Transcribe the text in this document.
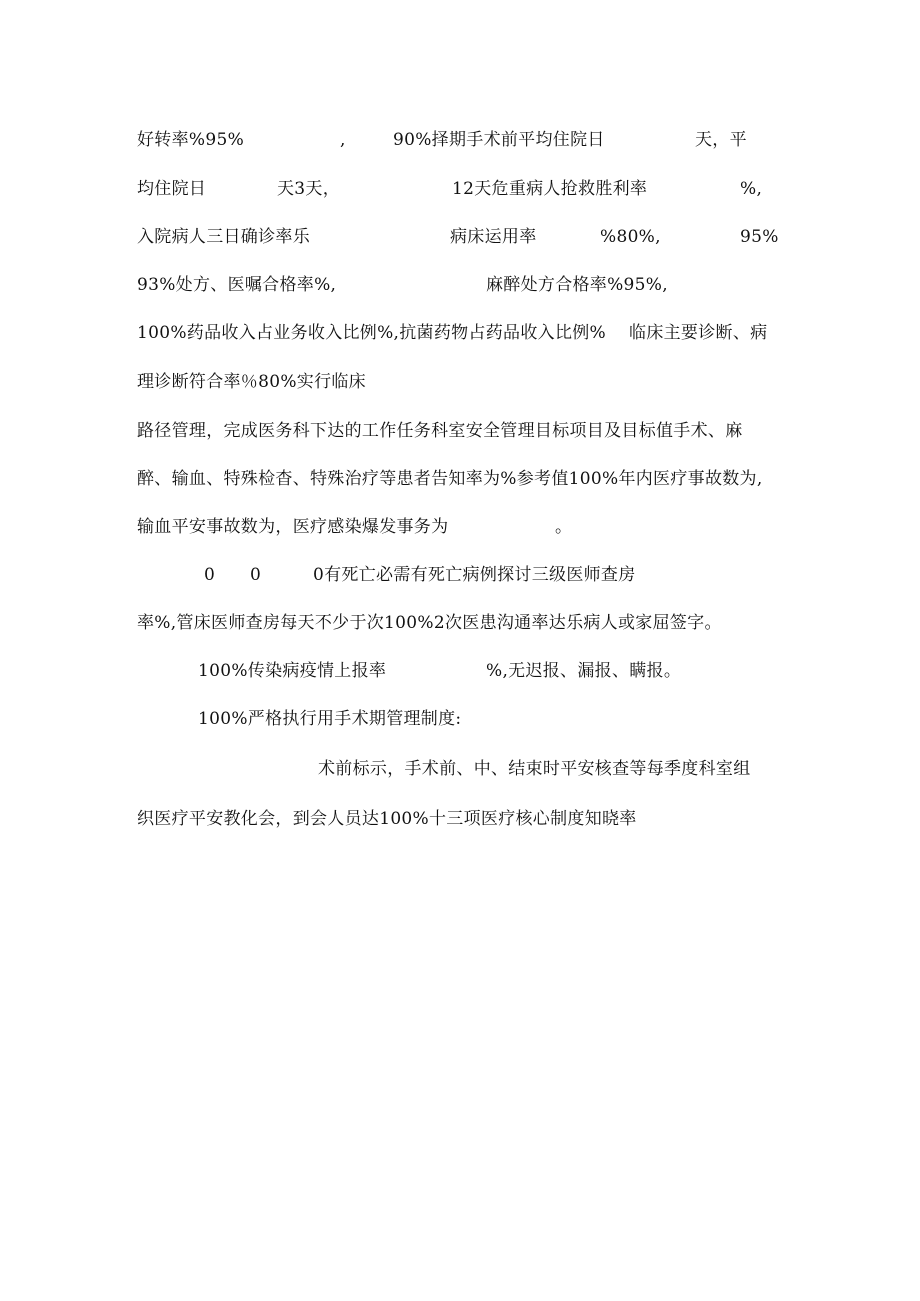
好转率%95%	,	90%择期手术前平均住院日	天，平
均住院日	天3天，	12天危重病人抢救胜利率	%,
入院病人三日确诊率乐	病床运用率	%80%,	95%
93%处方、医嘱合格率%,	麻醉处方合格率%95%,
100%药品收入占业务收入比例%,抗菌药物占药品收入比例%　 临床主要诊断、病
理诊断符合率％80%实行临床
路径管理，完成医务科下达的工作任务科室安全管理目标项目及目标值手术、麻
醉、输血、特殊检杳、特殊治疗等患者告知率为%参考值100%年内医疗事故数为,
输血平安事故数为，医疗感染爆发事务为	。
0 0	0有死亡必需有死亡病例探讨三级医师查房
率%,管床医师查房每天不少于次100%2次医患沟通率达乐病人或家屈签字。
100%传染病疫情上报率	%,无迟报、漏报、瞒报。
100%严格执行用手术期管理制度:
术前标示，手术前、中、结束时平安核查等每季度科室组
织医疗平安教化会，到会人员达100%十三项医疗核心制度知晓率
